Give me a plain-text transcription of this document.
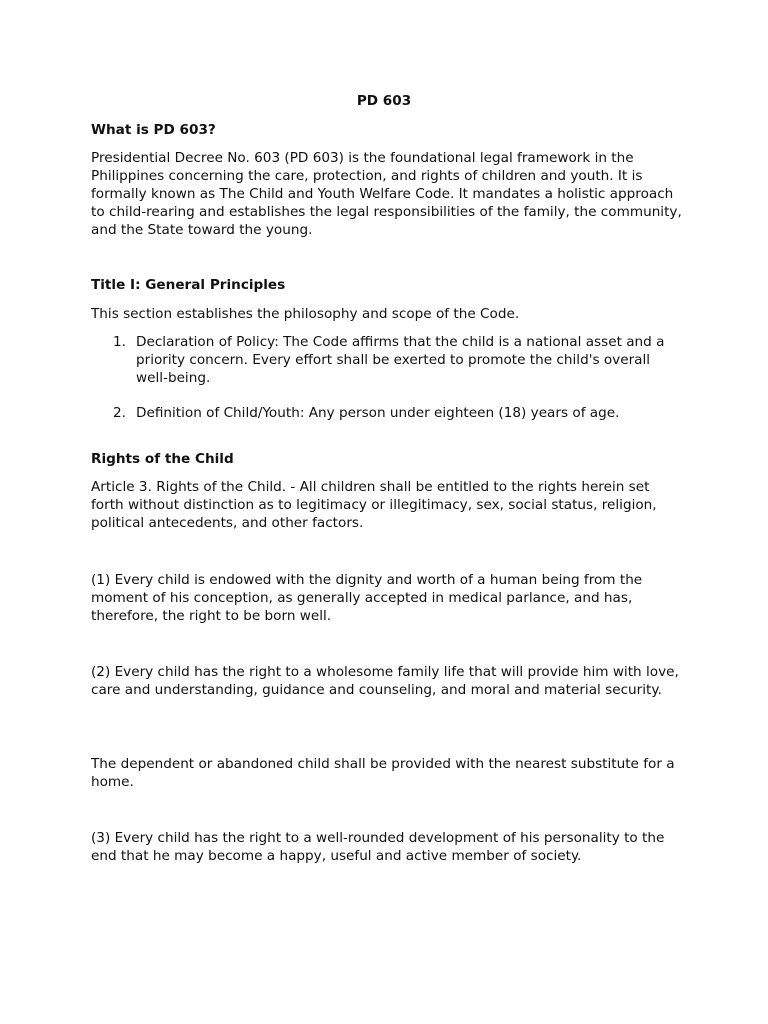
PD 603
What is PD 603?

Presidential Decree No. 603 (PD 603) is the foundational legal framework in the Philippines concerning the care, protection, and rights of children and youth. It is formally known as The Child and Youth Welfare Code. It mandates a holistic approach to child-rearing and establishes the legal responsibilities of the family, the community, and the State toward the young.

Title I: General Principles

This section establishes the philosophy and scope of the Code.

1. Declaration of Policy: The Code affirms that the child is a national asset and a priority concern. Every effort shall be exerted to promote the child's overall well-being.
2. Definition of Child/Youth: Any person under eighteen (18) years of age.
Rights of the Child

Article 3. Rights of the Child. - All children shall be entitled to the rights herein set forth without distinction as to legitimacy or illegitimacy, sex, social status, religion, political antecedents, and other factors.

(1) Every child is endowed with the dignity and worth of a human being from the moment of his conception, as generally accepted in medical parlance, and has, therefore, the right to be born well.

(2) Every child has the right to a wholesome family life that will provide him with love, care and understanding, guidance and counseling, and moral and material security.

The dependent or abandoned child shall be provided with the nearest substitute for a home.

(3) Every child has the right to a well-rounded development of his personality to the end that he may become a happy, useful and active member of society.
